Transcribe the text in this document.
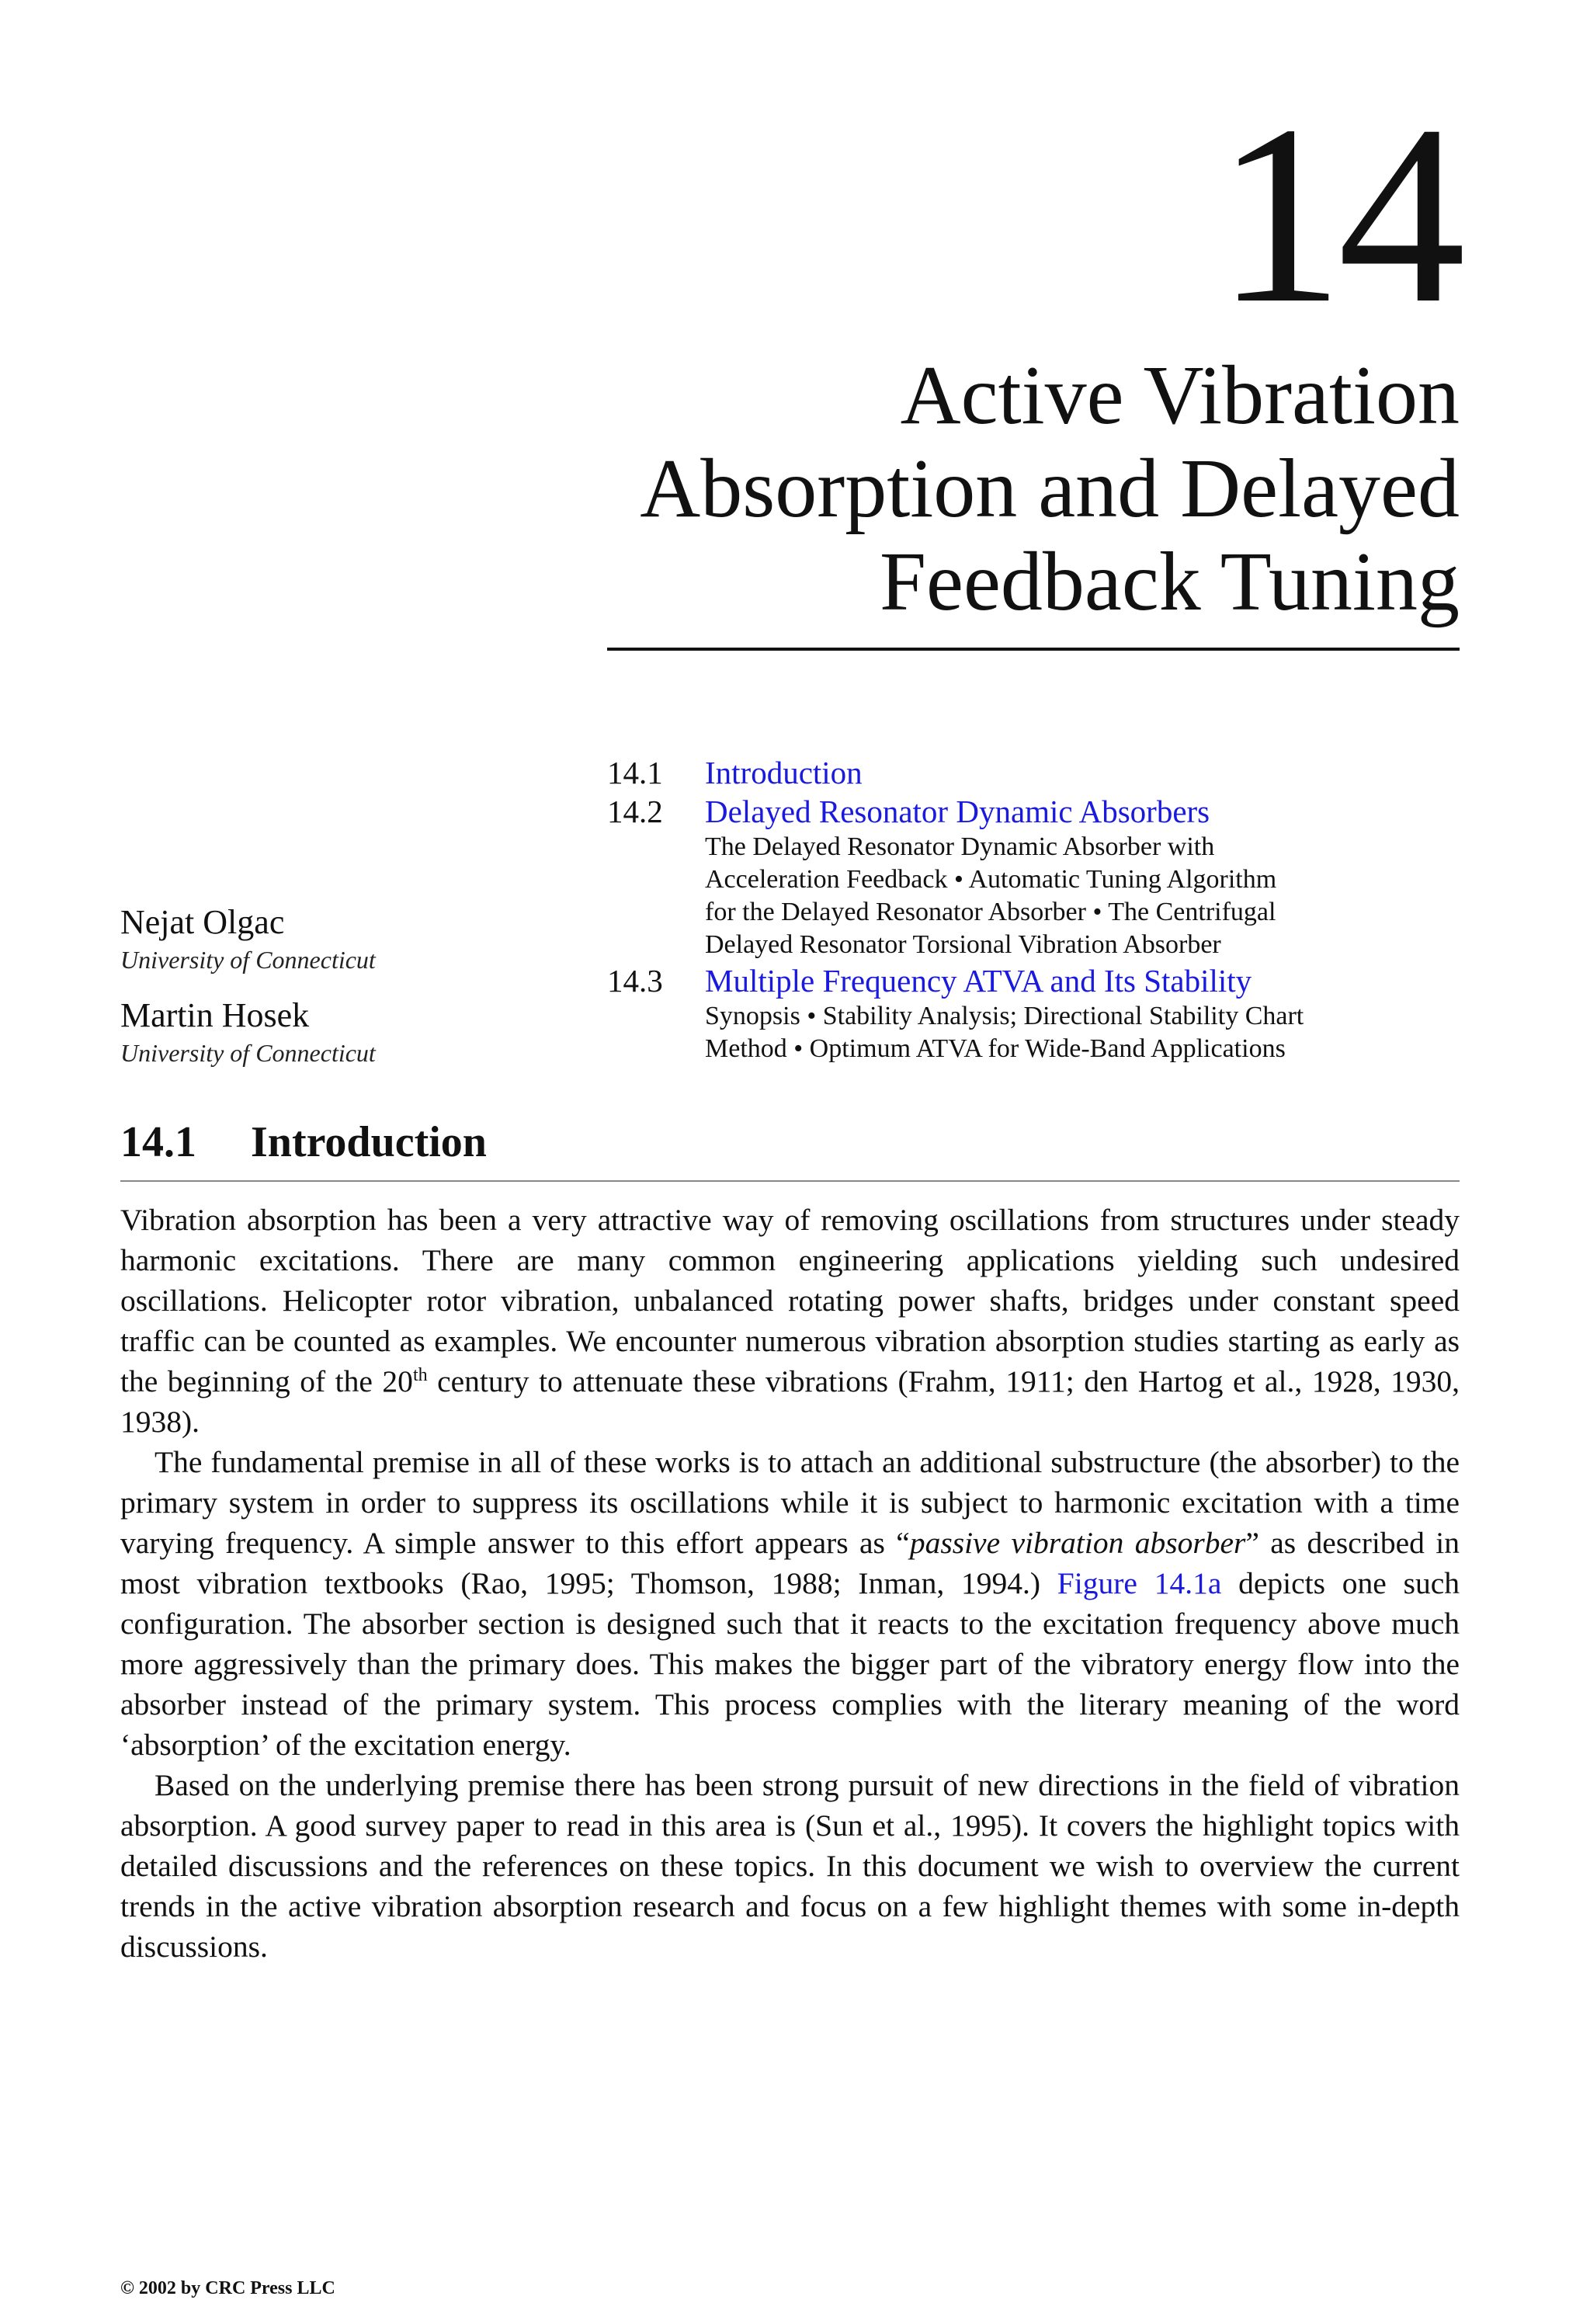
14
Active Vibration
Absorption and Delayed
Feedback Tuning
14.1	Introduction
14.2	Delayed Resonator Dynamic Absorbers
The Delayed Resonator Dynamic Absorber with
Acceleration Feedback • Automatic Tuning Algorithm
for the Delayed Resonator Absorber • The Centrifugal
Delayed Resonator Torsional Vibration Absorber
14.3	Multiple Frequency ATVA and Its Stability
Synopsis • Stability Analysis; Directional Stability Chart
Method • Optimum ATVA for Wide-Band Applications
Nejat Olgac
University of Connecticut
Martin Hosek
University of Connecticut
14.1	Introduction

Vibration absorption has been a very attractive way of removing oscillations from structures under steady harmonic excitations. There are many common engineering applications yielding such undesired oscillations. Helicopter rotor vibration, unbalanced rotating power shafts, bridges under constant speed traffic can be counted as examples. We encounter numerous vibration absorption studies starting as early as the beginning of the 20th century to attenuate these vibrations (Frahm, 1911; den Hartog et al., 1928, 1930, 1938).

The fundamental premise in all of these works is to attach an additional substructure (the absorber) to the primary system in order to suppress its oscillations while it is subject to harmonic excitation with a time varying frequency. A simple answer to this effort appears as “passive vibration absorber” as described in most vibration textbooks (Rao, 1995; Thomson, 1988; Inman, 1994.) Figure 14.1a depicts one such configuration. The absorber section is designed such that it reacts to the excitation frequency above much more aggressively than the primary does. This makes the bigger part of the vibratory energy flow into the absorber instead of the primary system. This process complies with the literary meaning of the word ‘absorption’ of the excitation energy.

Based on the underlying premise there has been strong pursuit of new directions in the field of vibration absorption. A good survey paper to read in this area is (Sun et al., 1995). It covers the highlight topics with detailed discussions and the references on these topics. In this document we wish to overview the current trends in the active vibration absorption research and focus on a few highlight themes with some in-depth discussions.

© 2002 by CRC Press LLC
